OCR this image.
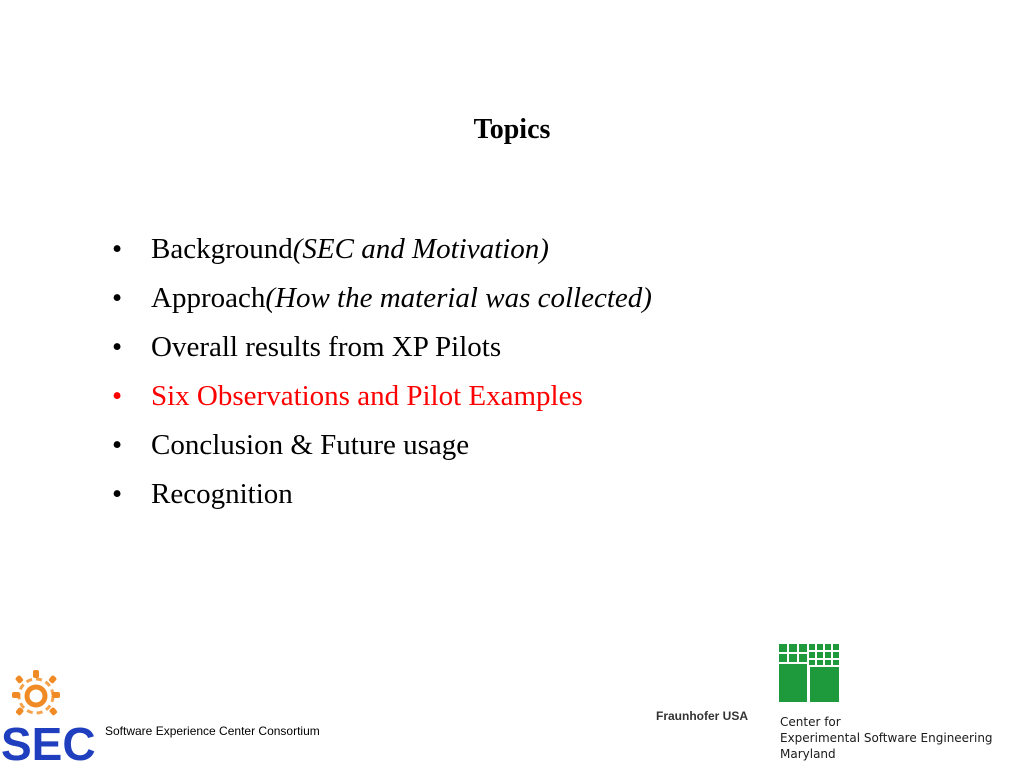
Topics
• Background (SEC and Motivation)
• Approach (How the material was collected)
• Overall results from XP Pilots
• Six Observations and Pilot Examples
• Conclusion & Future usage
• Recognition
SEC Software Experience Center Consortium
Fraunhofer USA	Center for
Experimental Software Engineering
Maryland
